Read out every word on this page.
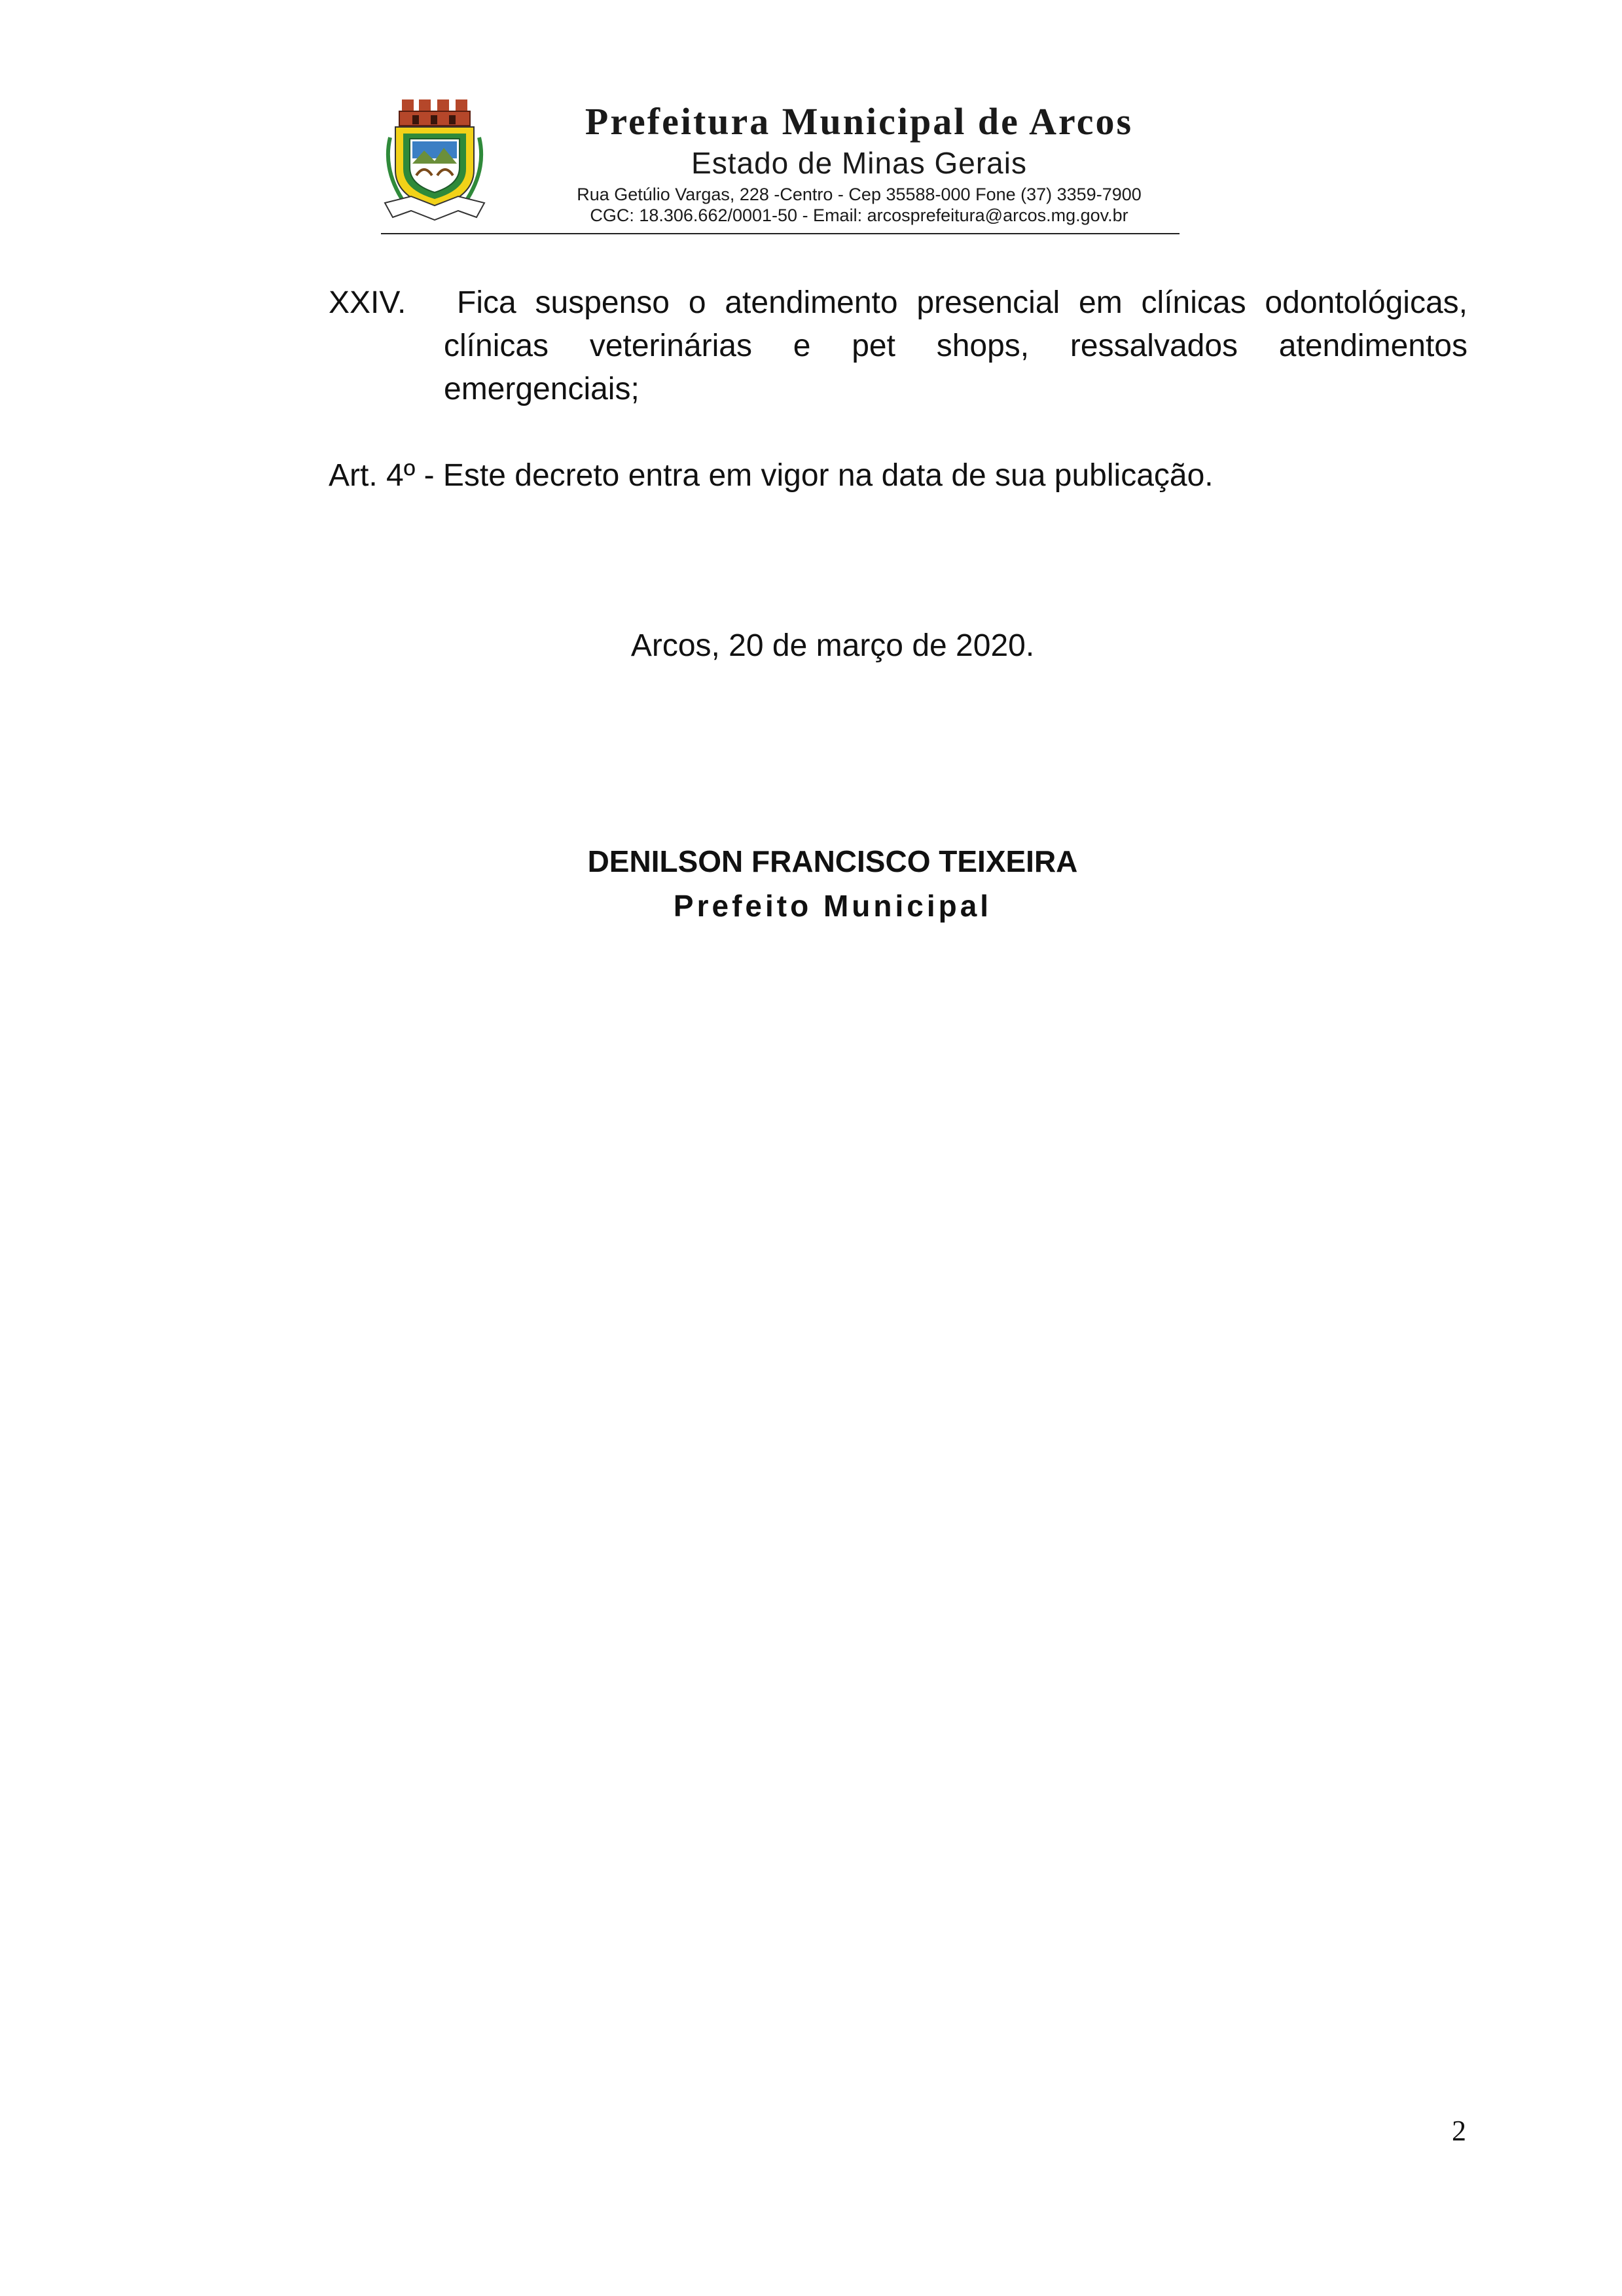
Prefeitura Municipal de Arcos
Estado de Minas Gerais
Rua Getúlio Vargas, 228 -Centro - Cep 35588-000 Fone (37) 3359-7900
CGC: 18.306.662/0001-50 - Email: arcosprefeitura@arcos.mg.gov.br
XXIV.	Fica suspenso o atendimento presencial em clínicas odontológicas, clínicas veterinárias e pet shops, ressalvados atendimentos emergenciais;
Art. 4º - Este decreto entra em vigor na data de sua publicação.
Arcos, 20 de março de 2020.
DENILSON FRANCISCO TEIXEIRA
Prefeito Municipal
2
